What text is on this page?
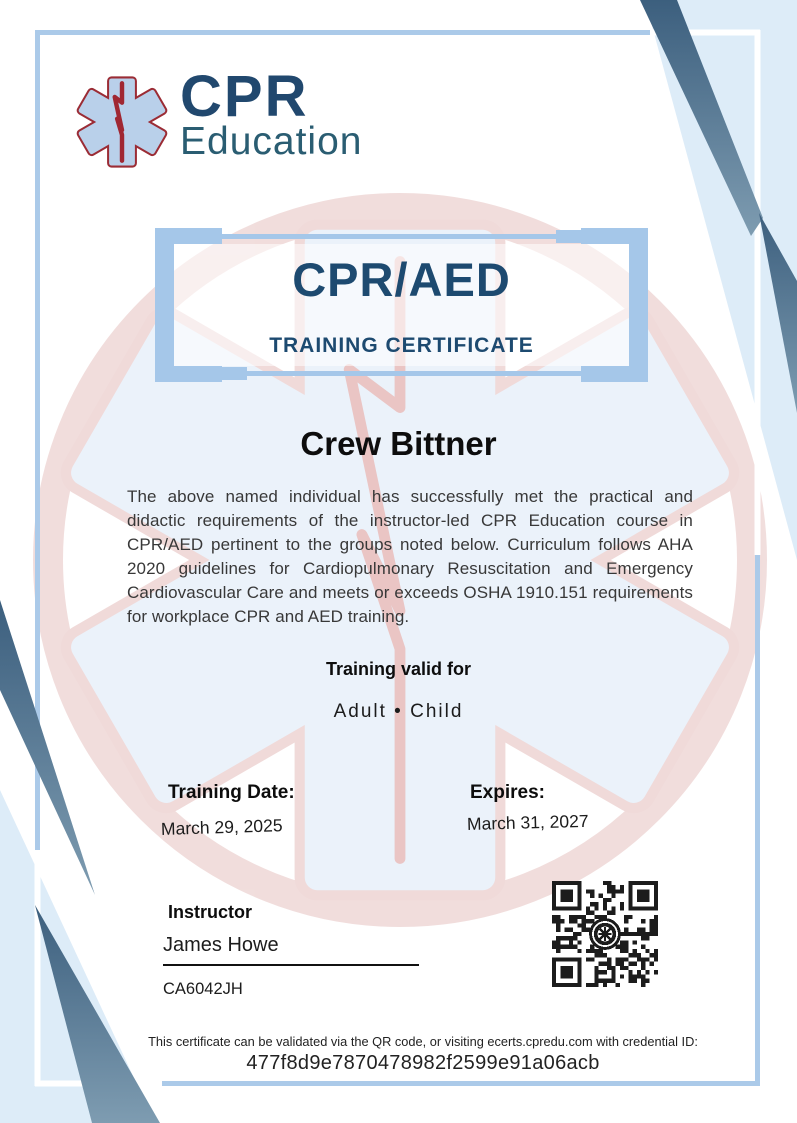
CPR
Education
CPR/AED
TRAINING CERTIFICATE
Crew Bittner
The above named individual has successfully met the practical and didactic requirements of the instructor-led CPR Education course in CPR/AED pertinent to the groups noted below. Curriculum follows AHA 2020 guidelines for Cardiopulmonary Resuscitation and Emergency Cardiovascular Care and meets or exceeds OSHA 1910.151 requirements for workplace CPR and AED training.
Training valid for
Adult • Child
Training Date:
March 29, 2025
Expires:
March 31, 2027
Instructor
James Howe
CA6042JH
This certificate can be validated via the QR code, or visiting ecerts.cpredu.com with credential ID:
477f8d9e7870478982f2599e91a06acb
